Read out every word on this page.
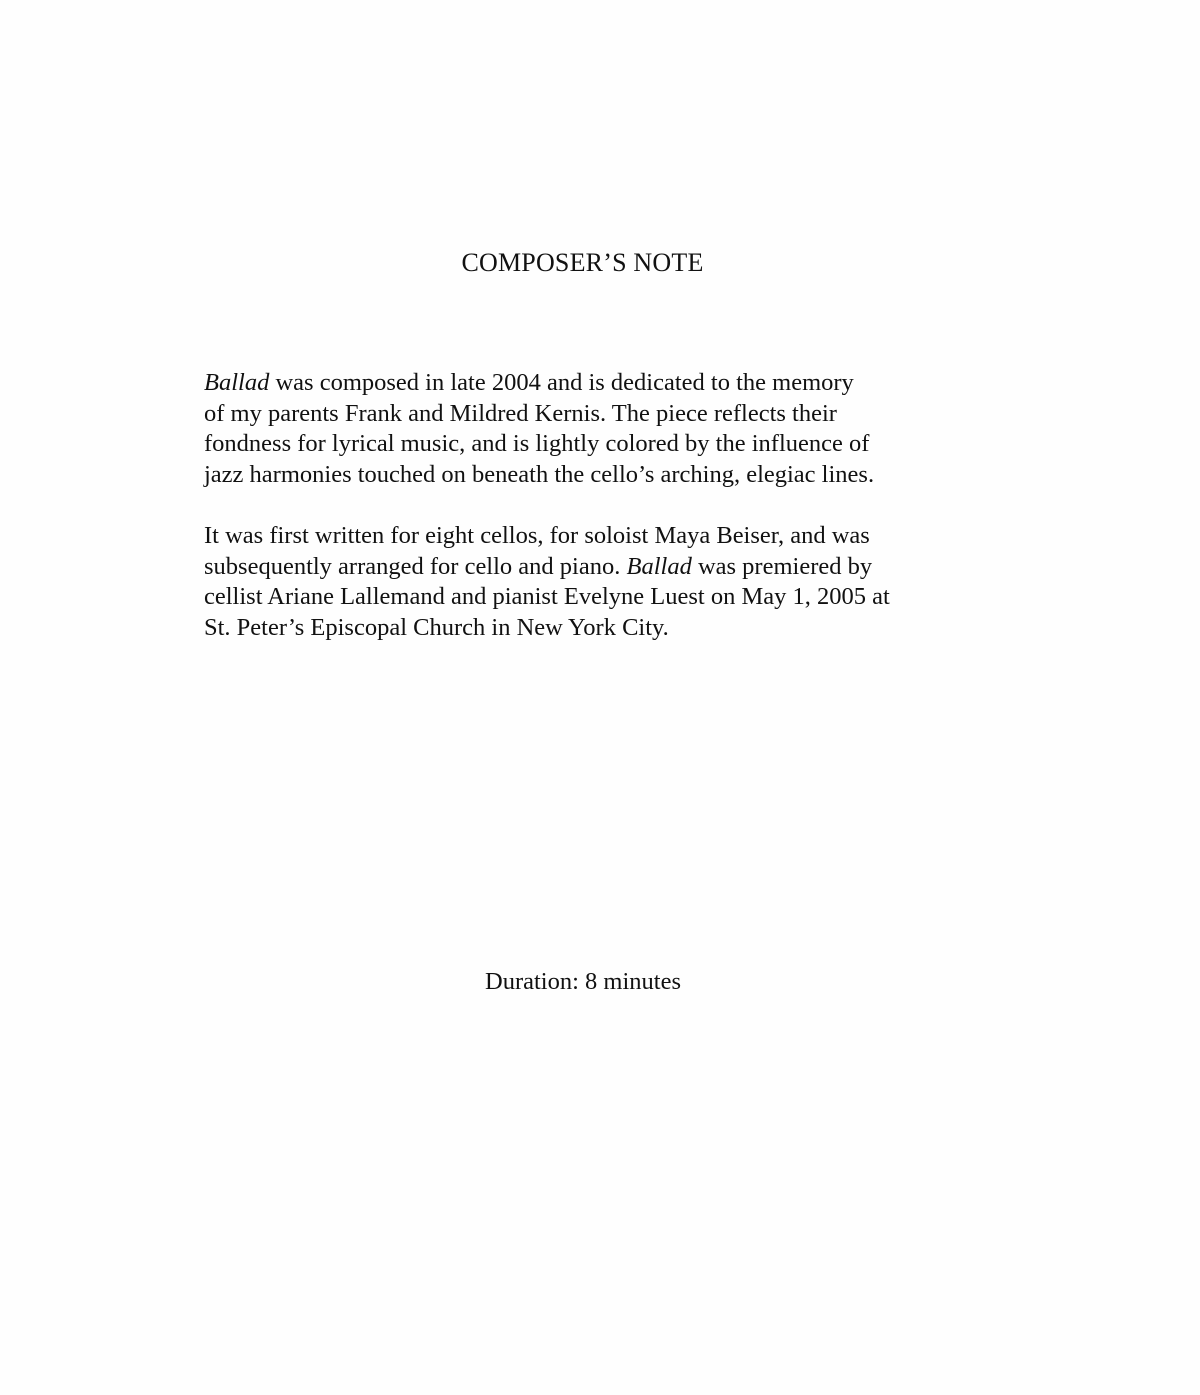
COMPOSER’S NOTE

Ballad was composed in late 2004 and is dedicated to the memory
of my parents Frank and Mildred Kernis. The piece reflects their
fondness for lyrical music, and is lightly colored by the influence of
jazz harmonies touched on beneath the cello’s arching, elegiac lines.

It was first written for eight cellos, for soloist Maya Beiser, and was
subsequently arranged for cello and piano. Ballad was premiered by
cellist Ariane Lallemand and pianist Evelyne Luest on May 1, 2005 at
St. Peter’s Episcopal Church in New York City.

Duration: 8 minutes
